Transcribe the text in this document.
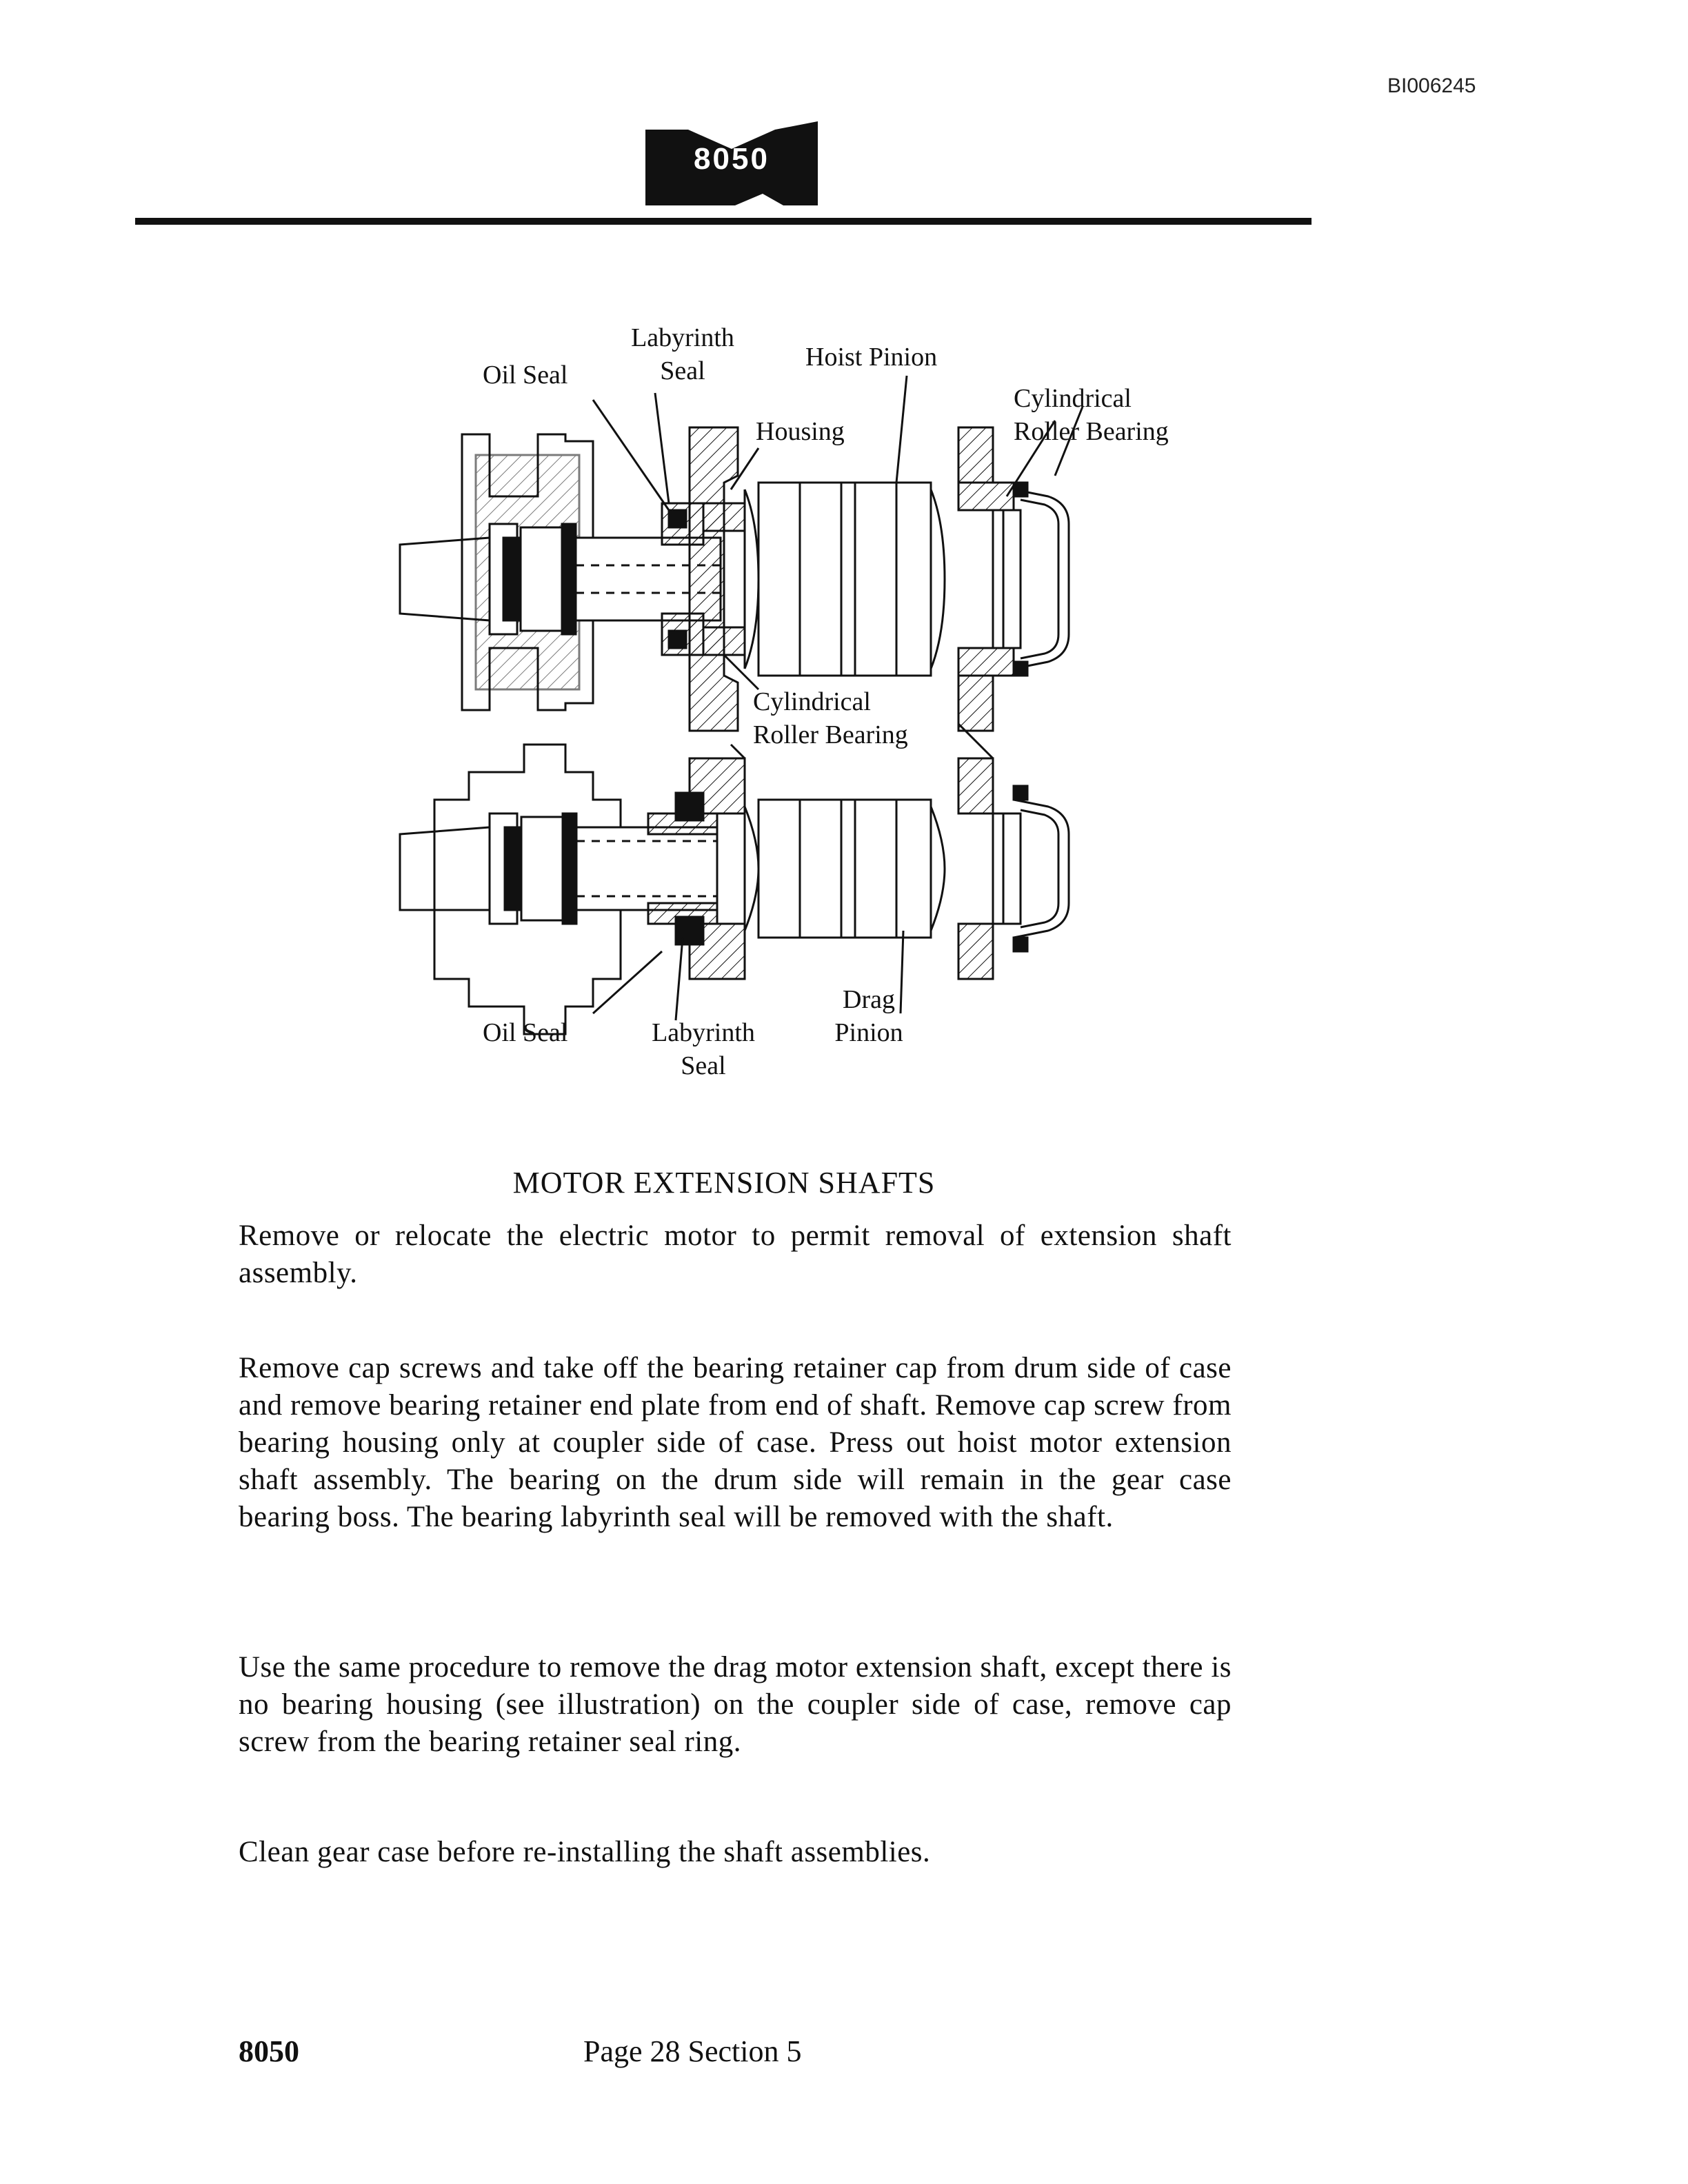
BI006245
8050
Oil Seal
Labyrinth
Seal	Hoist Pinion
Housing
Cylindrical
Roller Bearing
Cylindrical
Roller Bearing
Oil Seal	Labyrinth
Seal
Drag
Pinion
MOTOR EXTENSION SHAFTS

Remove or relocate the electric motor to permit removal of extension shaft assembly.

Remove cap screws and take off the bearing retainer cap from drum side of case and remove bearing retainer end plate from end of shaft. Remove cap screw from bearing housing only at coupler side of case. Press out hoist motor extension shaft assembly. The bearing on the drum side will remain in the gear case bearing boss. The bearing labyrinth seal will be removed with the shaft.

Use the same procedure to remove the drag motor extension shaft, except there is no bearing housing (see illustration) on the coupler side of case, remove cap screw from the bearing retainer seal ring.

Clean gear case before re-installing the shaft assemblies.

8050	Page 28 Section 5
